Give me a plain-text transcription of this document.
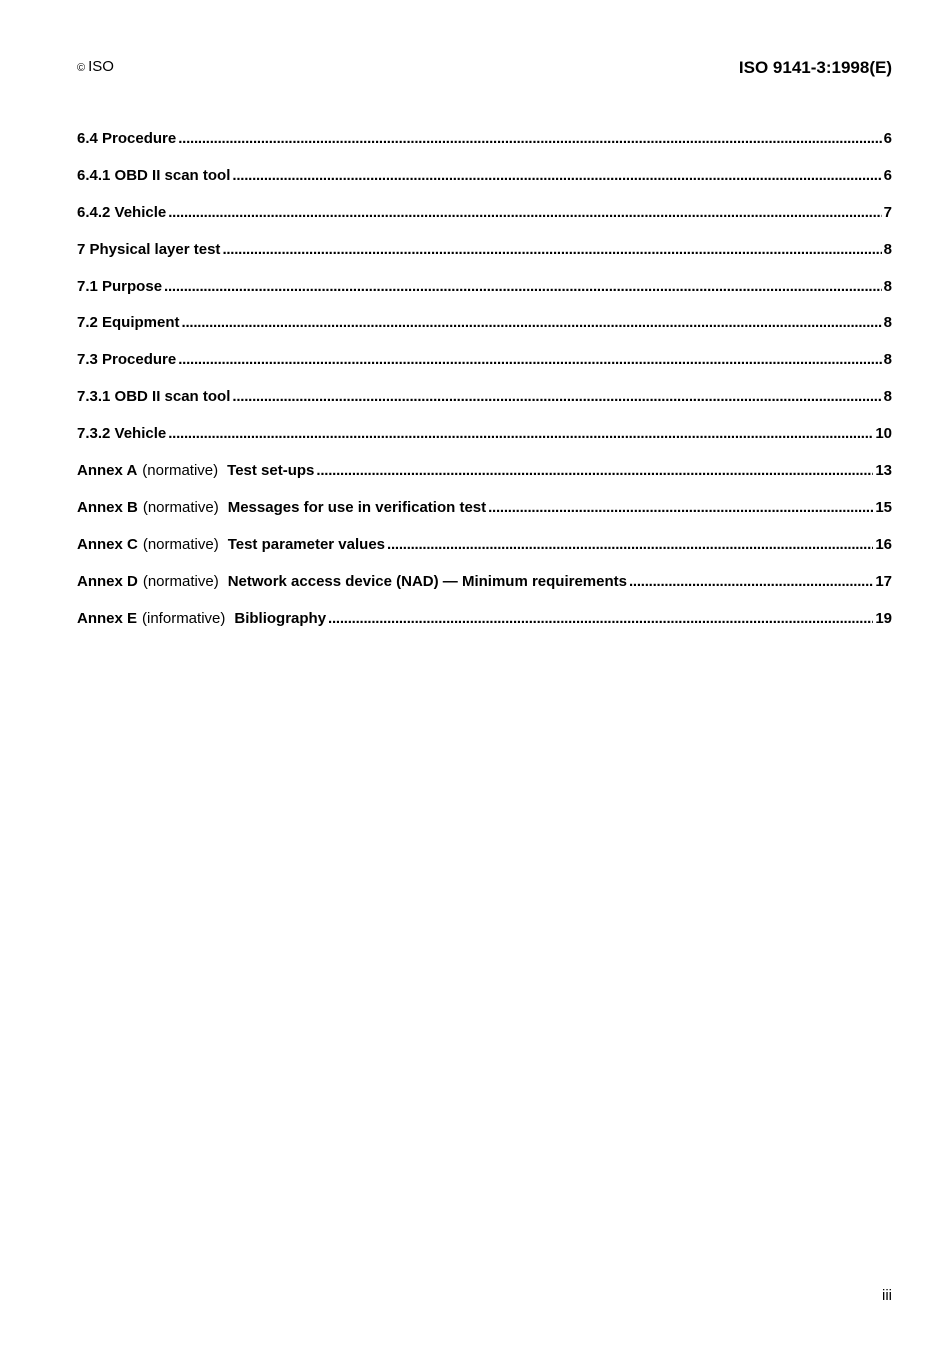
© ISO	ISO 9141-3:1998(E)
6.4 Procedure . . .	6
6.4.1 OBD II scan tool . . .	6
6.4.2 Vehicle . . .	7
7 Physical layer test . . .	8
7.1 Purpose . . .	8
7.2 Equipment . . .	8
7.3 Procedure . . .	8
7.3.1 OBD II scan tool . . .	8
7.3.2 Vehicle . . .	10
Annex A (normative) Test set-ups . . .	13
Annex B (normative) Messages for use in verification test . . .	15
Annex C (normative) Test parameter values . . .	16
Annex D (normative) Network access device (NAD) — Minimum requirements . . .	17
Annex E (informative) Bibliography . . .	19
iii
